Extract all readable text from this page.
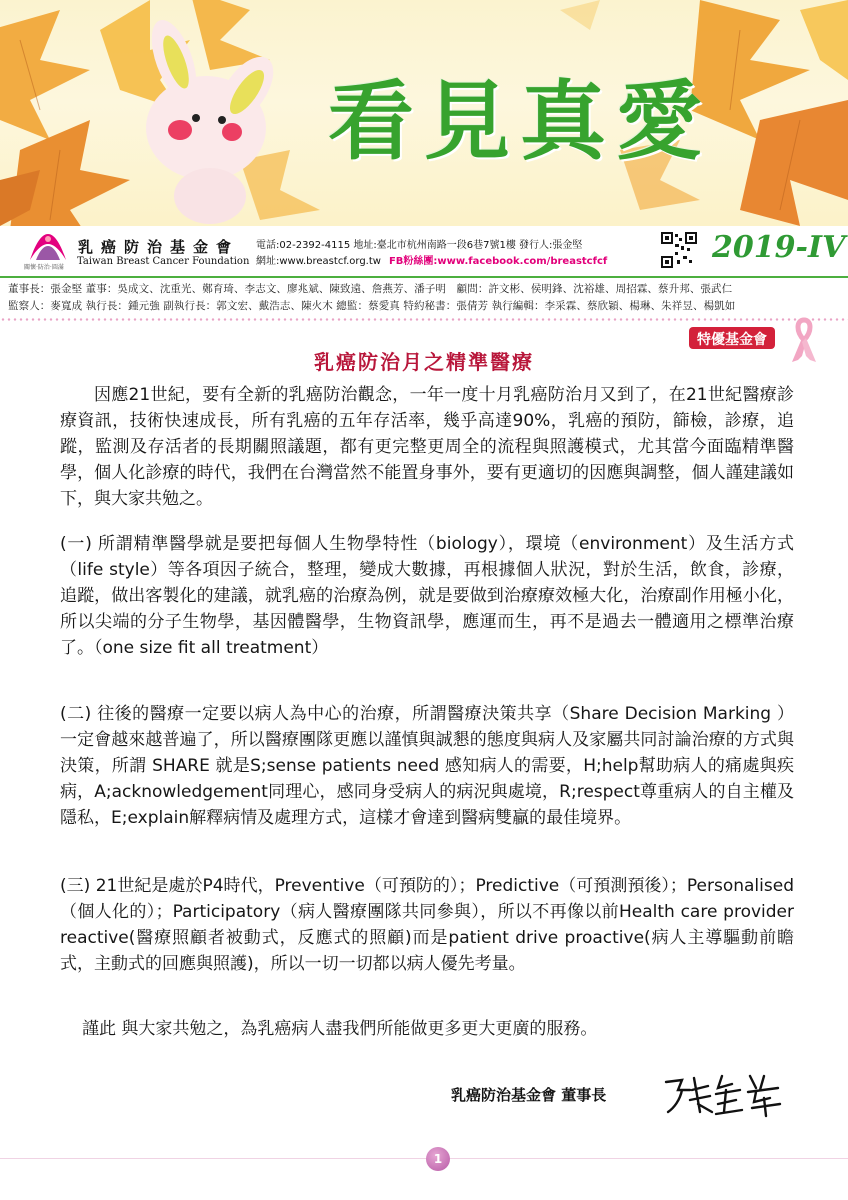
看見真愛
關懷‧防治‧圓滿
乳癌防治基金會
Taiwan Breast Cancer Foundation
電話:02-2392-4115 地址:臺北市杭州南路一段6巷7號1樓 發行人:張金堅
網址:www.breastcf.org.tw FB粉絲團:www.facebook.com/breastcfcf	2019-IV
董事長：張金堅 董事：吳成文、沈重光、鄭育琦、李志文、廖兆斌、陳致遠、詹燕芳、潘子明　顧問：許文彬、侯明鋒、沈裕雄、周招霖、蔡升邦、張武仁
監察人：麥寬成 執行長：鍾元強 副執行長：郭文宏、戴浩志、陳火木 總監：蔡愛真 特約秘書：張倩芳 執行編輯：李采霖、蔡欣穎、楊琳、朱祥昱、楊凱如
特優基金會
乳癌防治月之精準醫療

因應21世紀，要有全新的乳癌防治觀念，一年一度十月乳癌防治月又到了，在21世紀醫療診療資訊，技術快速成長，所有乳癌的五年存活率，幾乎高達90%，乳癌的預防，篩檢，診療，追蹤，監測及存活者的長期關照議題，都有更完整更周全的流程與照護模式，尤其當今面臨精準醫學，個人化診療的時代，我們在台灣當然不能置身事外，要有更適切的因應與調整，個人謹建議如下，與大家共勉之。

(一) 所謂精準醫學就是要把每個人生物學特性（biology），環境（environment）及生活方式（life style）等各項因子統合，整理，變成大數據，再根據個人狀況，對於生活，飲食，診療，追蹤，做出客製化的建議，就乳癌的治療為例，就是要做到治療療效極大化，治療副作用極小化，所以尖端的分子生物學，基因體醫學，生物資訊學，應運而生，再不是過去一體適用之標準治療了。（one size fit all treatment）

(二) 往後的醫療一定要以病人為中心的治療，所謂醫療決策共享（Share Decision Marking ）一定會越來越普遍了，所以醫療團隊更應以謹慎與誠懇的態度與病人及家屬共同討論治療的方式與決策，所謂 SHARE 就是S;sense patients need 感知病人的需要，H;help幫助病人的痛處與疾病，A;acknowledgement同理心，感同身受病人的病況與處境，R;respect尊重病人的自主權及隱私，E;explain解釋病情及處理方式，這樣才會達到醫病雙贏的最佳境界。

(三) 21世紀是處於P4時代，Preventive（可預防的）；Predictive（可預測預後）；Personalised （個人化的）；Participatory（病人醫療團隊共同參與），所以不再像以前Health care provider reactive(醫療照顧者被動式，反應式的照顧)而是patient drive proactive(病人主導驅動前瞻式，主動式的回應與照護)，所以一切一切都以病人優先考量。

謹此 與大家共勉之，為乳癌病人盡我們所能做更多更大更廣的服務。

乳癌防治基金會 董事長
1
